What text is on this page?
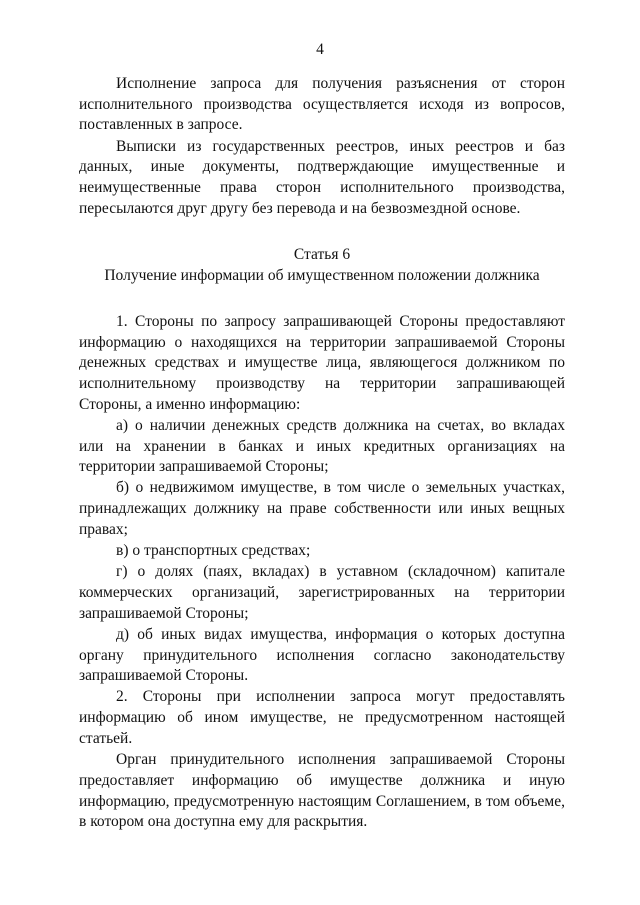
4

Исполнение запроса для получения разъяснения от сторон исполнительного производства осуществляется исходя из вопросов, поставленных в запросе.

Выписки из государственных реестров, иных реестров и баз данных, иные документы, подтверждающие имущественные и неимущественные права сторон исполнительного производства, пересылаются друг другу без перевода и на безвозмездной основе.

Статья 6

Получение информации об имущественном положении должника

1. Стороны по запросу запрашивающей Стороны предоставляют информацию о находящихся на территории запрашиваемой Стороны денежных средствах и имуществе лица, являющегося должником по исполнительному производству на территории запрашивающей Стороны, а именно информацию:

а) о наличии денежных средств должника на счетах, во вкладах или на хранении в банках и иных кредитных организациях на территории запрашиваемой Стороны;

б) о недвижимом имуществе, в том числе о земельных участках, принадлежащих должнику на праве собственности или иных вещных правах;

в) о транспортных средствах;

г) о долях (паях, вкладах) в уставном (складочном) капитале коммерческих организаций, зарегистрированных на территории запрашиваемой Стороны;

д) об иных видах имущества, информация о которых доступна органу принудительного исполнения согласно законодательству запрашиваемой Стороны.

2. Стороны при исполнении запроса могут предоставлять информацию об ином имуществе, не предусмотренном настоящей статьей.

Орган принудительного исполнения запрашиваемой Стороны предоставляет информацию об имуществе должника и иную информацию, предусмотренную настоящим Соглашением, в том объеме, в котором она доступна ему для раскрытия.
